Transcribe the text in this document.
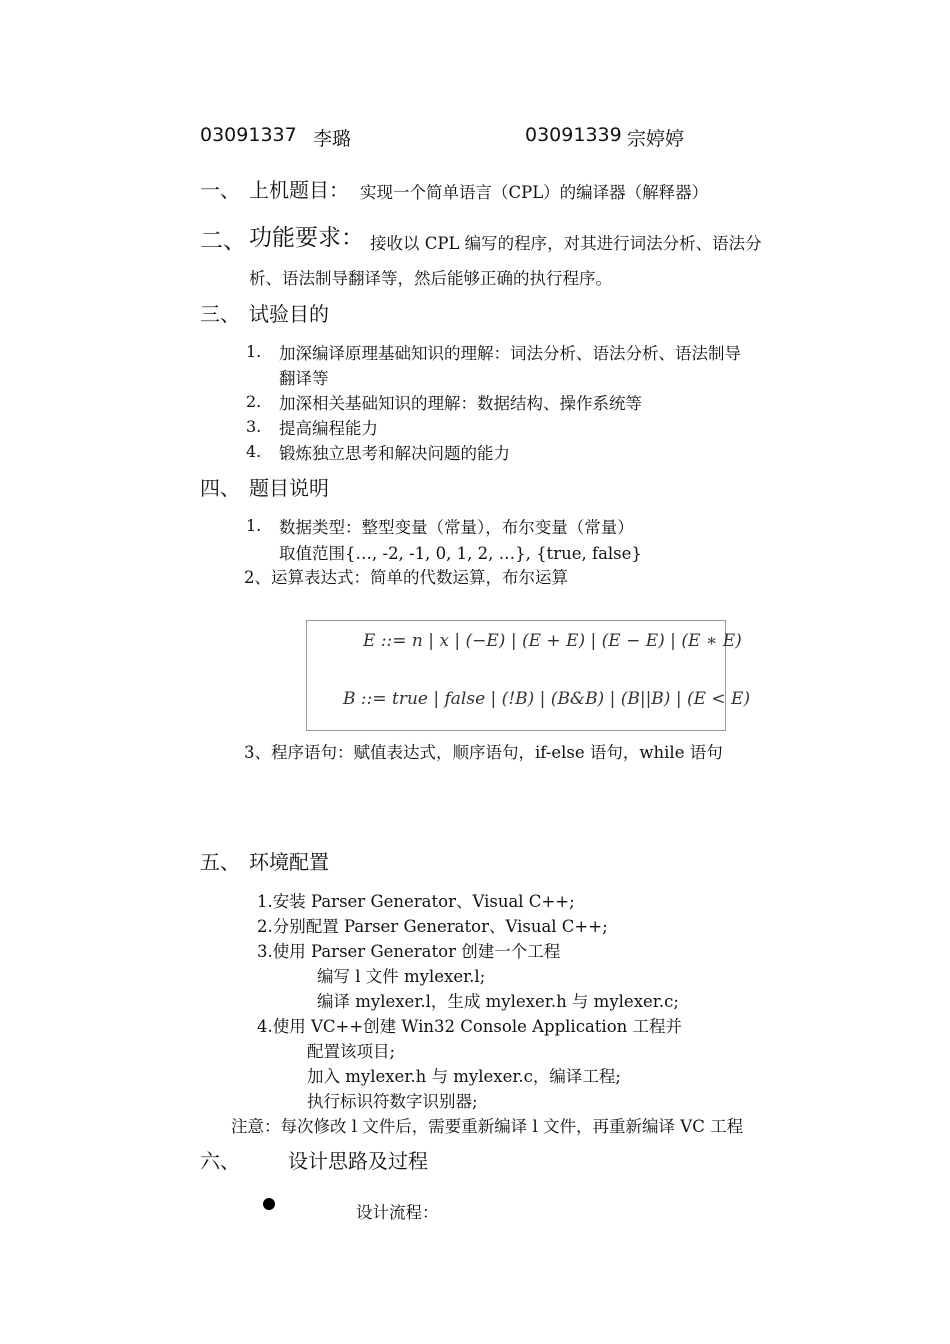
03091337 李璐	03091339 宗婷婷
一、 上机题目： 实现一个简单语言（CPL）的编译器（解释器）
二、 功能要求： 接收以 CPL 编写的程序，对其进行词法分析、语法分
析、语法制导翻译等，然后能够正确的执行程序。
三、 试验目的
1. 加深编译原理基础知识的理解：词法分析、语法分析、语法制导
翻译等
2. 加深相关基础知识的理解：数据结构、操作系统等
3. 提高编程能力
4. 锻炼独立思考和解决问题的能力
四、 题目说明
1. 数据类型：整型变量（常量），布尔变量（常量）
取值范围{…, -2, -1, 0, 1, 2, …}, {true, false}
2、运算表达式：简单的代数运算，布尔运算
E ::= n | x | (−E) | (E + E) | (E − E) | (E ∗ E)
B ::= true | false | (!B) | (B&B) | (B||B) | (E < E)
3、程序语句：赋值表达式，顺序语句，if-else 语句，while 语句
五、 环境配置
1.安装 Parser Generator、Visual C++;
2.分别配置 Parser Generator、Visual C++;
3.使用 Parser Generator 创建一个工程
编写 l 文件 mylexer.l;
编译 mylexer.l，生成 mylexer.h 与 mylexer.c;
4.使用 VC++创建 Win32 Console Application 工程并
配置该项目;
加入 mylexer.h 与 mylexer.c，编译工程;
执行标识符数字识别器;
注意：每次修改 l 文件后，需要重新编译 l 文件，再重新编译 VC 工程
六、 设计思路及过程
设计流程：
